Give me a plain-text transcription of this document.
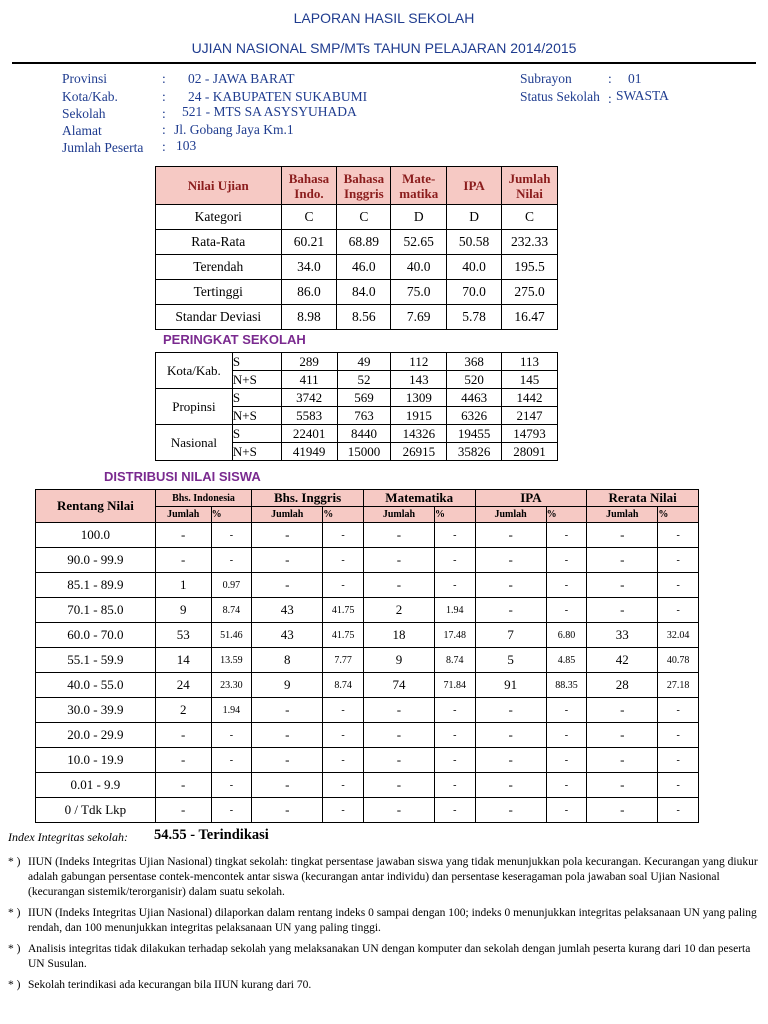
LAPORAN HASIL SEKOLAH
UJIAN NASIONAL SMP/MTs TAHUN PELAJARAN 2014/2015
Provinsi	: 02 - JAWA BARAT
Kota/Kab.	: 24 - KABUPATEN SUKABUMI
Sekolah	: 521 - MTS SA ASYSYUHADA
Alamat	: Jl. Gobang Jaya Km.1
Jumlah Peserta : 103
Subrayon	: 01
Status Sekolah : SWASTA
Nilai Ujian	Bahasa Indo.	Bahasa Inggris	Mate-matika	IPA	Jumlah Nilai
Kategori	C	C	D	D	C
Rata-Rata	60.21	68.89	52.65	50.58	232.33
Terendah	34.0	46.0	40.0	40.0	195.5
Tertinggi	86.0	84.0	75.0	70.0	275.0
Standar Deviasi	8.98	8.56	7.69	5.78	16.47
PERINGKAT SEKOLAH
Kota/Kab.	S	289	49	112	368	113
	N+S	411	52	143	520	145
Propinsi	S	3742	569	1309	4463	1442
	N+S	5583	763	1915	6326	2147
Nasional	S	22401	8440	14326	19455	14793
	N+S	41949	15000	26915	35826	28091
DISTRIBUSI NILAI SISWA
Rentang Nilai	Bhs. Indonesia		Bhs. Inggris		Matematika		IPA		Rerata Nilai	
	Jumlah	%	Jumlah	%	Jumlah	%	Jumlah	%	Jumlah	%
100.0	-	-	-	-	-	-	-	-	-	-
90.0 - 99.9	-	-	-	-	-	-	-	-	-	-
85.1 - 89.9	1	0.97	-	-	-	-	-	-	-	-
70.1 - 85.0	9	8.74	43	41.75	2	1.94	-	-	-	-
60.0 - 70.0	53	51.46	43	41.75	18	17.48	7	6.80	33	32.04
55.1 - 59.9	14	13.59	8	7.77	9	8.74	5	4.85	42	40.78
40.0 - 55.0	24	23.30	9	8.74	74	71.84	91	88.35	28	27.18
30.0 - 39.9	2	1.94	-	-	-	-	-	-	-	-
20.0 - 29.9	-	-	-	-	-	-	-	-	-	-
10.0 - 19.9	-	-	-	-	-	-	-	-	-	-
0.01 - 9.9	-	-	-	-	-	-	-	-	-	-
0 / Tdk Lkp	-	-	-	-	-	-	-	-	-	-
Index Integritas sekolah: 54.55 - Terindikasi
* ) IIUN (Indeks Integritas Ujian Nasional) tingkat sekolah: tingkat persentase jawaban siswa yang tidak menunjukkan pola kecurangan. Kecurangan yang diukur adalah gabungan persentase contek-mencontek antar siswa (kecurangan antar individu) dan persentase keseragaman pola jawaban soal Ujian Nasional (kecurangan sistemik/terorganisir) dalam suatu sekolah.
* ) IIUN (Indeks Integritas Ujian Nasional) dilaporkan dalam rentang indeks 0 sampai dengan 100; indeks 0 menunjukkan integritas pelaksanaan UN yang paling rendah, dan 100 menunjukkan integritas pelaksanaan UN yang paling tinggi.
* ) Analisis integritas tidak dilakukan terhadap sekolah yang melaksanakan UN dengan komputer dan sekolah dengan jumlah peserta kurang dari 10 dan peserta UN Susulan.
* ) Sekolah terindikasi ada kecurangan bila IIUN kurang dari 70.
